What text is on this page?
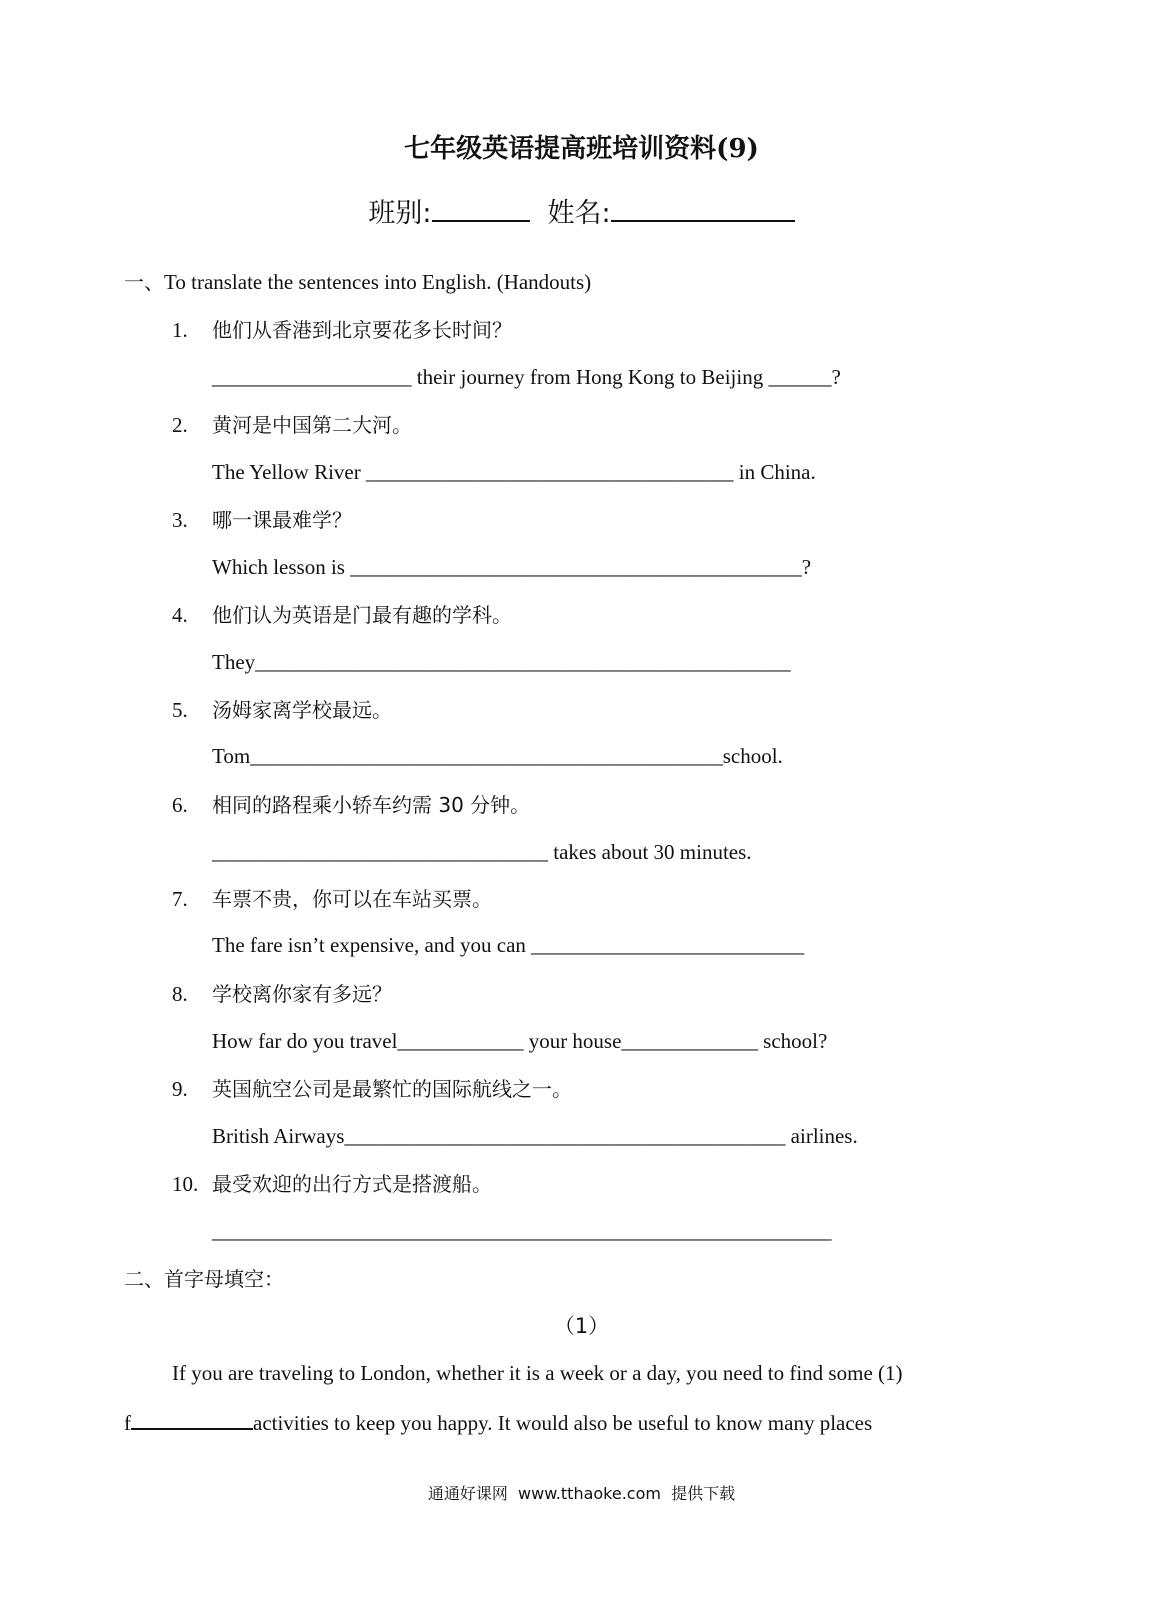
七年级英语提高班培训资料(9)
班别:	姓名:
一、To translate the sentences into English. (Handouts)
1. 他们从香港到北京要花多长时间？
___________________ their journey from Hong Kong to Beijing ______?
2. 黄河是中国第二大河。
The Yellow River ___________________________________ in China.
3. 哪一课最难学？
Which lesson is ___________________________________________?
4. 他们认为英语是门最有趣的学科。
They___________________________________________________
5. 汤姆家离学校最远。
Tom_____________________________________________school.
6. 相同的路程乘小轿车约需 30 分钟。
________________________________ takes about 30 minutes.
7. 车票不贵，你可以在车站买票。
The fare isn’t expensive, and you can __________________________
8. 学校离你家有多远？
How far do you travel____________ your house_____________ school?
9. 英国航空公司是最繁忙的国际航线之一。
British Airways__________________________________________ airlines.
10. 最受欢迎的出行方式是搭渡船。
___________________________________________________________
二、首字母填空：
（1）
If you are traveling to London, whether it is a week or a day, you need to find some (1)
f	activities to keep you happy. It would also be useful to know many places
通通好课网  www.tthaoke.com  提供下载
